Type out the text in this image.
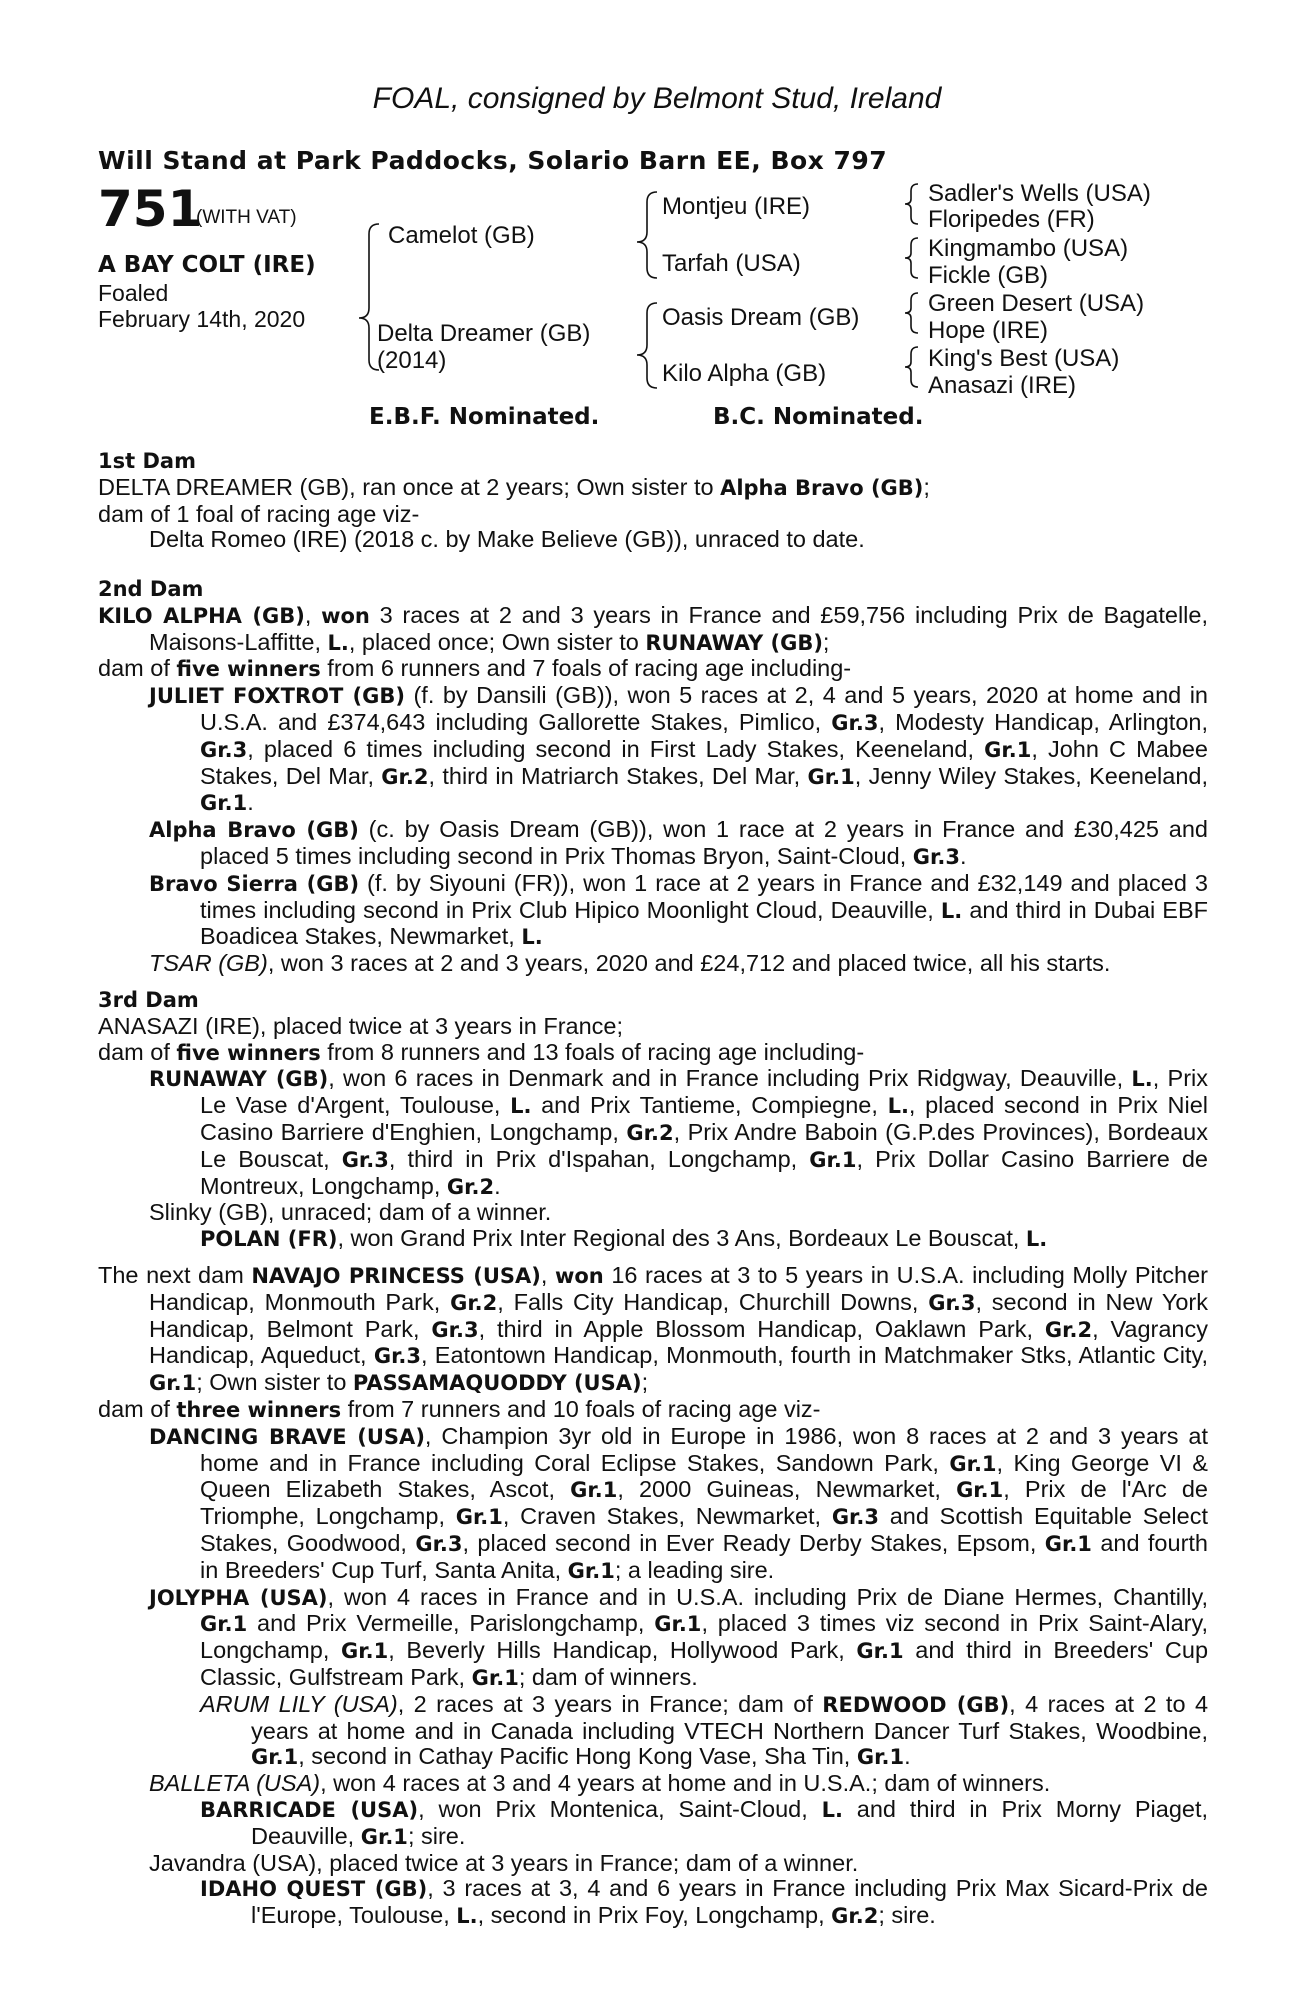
FOAL, consigned by Belmont Stud, Ireland
Will Stand at Park Paddocks, Solario Barn EE, Box 797
751
(WITH VAT)
A BAY COLT (IRE)
Foaled
February 14th, 2020
Camelot (GB)
Delta Dreamer (GB)
(2014)
Montjeu (IRE)
Tarfah (USA)
Oasis Dream (GB)
Kilo Alpha (GB)
Sadler's Wells (USA)
Floripedes (FR)
Kingmambo (USA)
Fickle (GB)
Green Desert (USA)
Hope (IRE)
King's Best (USA)
Anasazi (IRE)
E.B.F. Nominated.	B.C. Nominated.

1st Dam

DELTA DREAMER (GB), ran once at 2 years; Own sister to Alpha Bravo (GB);

dam of 1 foal of racing age viz-

Delta Romeo (IRE) (2018 c. by Make Believe (GB)), unraced to date.

2nd Dam

KILO ALPHA (GB), won 3 races at 2 and 3 years in France and £59,756 including Prix de Bagatelle, Maisons-Laffitte, L., placed once; Own sister to RUNAWAY (GB);

dam of five winners from 6 runners and 7 foals of racing age including-

JULIET FOXTROT (GB) (f. by Dansili (GB)), won 5 races at 2, 4 and 5 years, 2020 at home and in U.S.A. and £374,643 including Gallorette Stakes, Pimlico, Gr.3, Modesty Handicap, Arlington, Gr.3, placed 6 times including second in First Lady Stakes, Keeneland, Gr.1, John C Mabee Stakes, Del Mar, Gr.2, third in Matriarch Stakes, Del Mar, Gr.1, Jenny Wiley Stakes, Keeneland, Gr.1.

Alpha Bravo (GB) (c. by Oasis Dream (GB)), won 1 race at 2 years in France and £30,425 and placed 5 times including second in Prix Thomas Bryon, Saint-Cloud, Gr.3.

Bravo Sierra (GB) (f. by Siyouni (FR)), won 1 race at 2 years in France and £32,149 and placed 3 times including second in Prix Club Hipico Moonlight Cloud, Deauville, L. and third in Dubai EBF Boadicea Stakes, Newmarket, L.

TSAR (GB), won 3 races at 2 and 3 years, 2020 and £24,712 and placed twice, all his starts.

3rd Dam

ANASAZI (IRE), placed twice at 3 years in France;

dam of five winners from 8 runners and 13 foals of racing age including-

RUNAWAY (GB), won 6 races in Denmark and in France including Prix Ridgway, Deauville, L., Prix Le Vase d'Argent, Toulouse, L. and Prix Tantieme, Compiegne, L., placed second in Prix Niel Casino Barriere d'Enghien, Longchamp, Gr.2, Prix Andre Baboin (G.P.des Provinces), Bordeaux Le Bouscat, Gr.3, third in Prix d'Ispahan, Longchamp, Gr.1, Prix Dollar Casino Barriere de Montreux, Longchamp, Gr.2.

Slinky (GB), unraced; dam of a winner.

POLAN (FR), won Grand Prix Inter Regional des 3 Ans, Bordeaux Le Bouscat, L.

The next dam NAVAJO PRINCESS (USA), won 16 races at 3 to 5 years in U.S.A. including Molly Pitcher Handicap, Monmouth Park, Gr.2, Falls City Handicap, Churchill Downs, Gr.3, second in New York Handicap, Belmont Park, Gr.3, third in Apple Blossom Handicap, Oaklawn Park, Gr.2, Vagrancy Handicap, Aqueduct, Gr.3, Eatontown Handicap, Monmouth, fourth in Matchmaker Stks, Atlantic City, Gr.1; Own sister to PASSAMAQUODDY (USA);

dam of three winners from 7 runners and 10 foals of racing age viz-

DANCING BRAVE (USA), Champion 3yr old in Europe in 1986, won 8 races at 2 and 3 years at home and in France including Coral Eclipse Stakes, Sandown Park, Gr.1, King George VI & Queen Elizabeth Stakes, Ascot, Gr.1, 2000 Guineas, Newmarket, Gr.1, Prix de l'Arc de Triomphe, Longchamp, Gr.1, Craven Stakes, Newmarket, Gr.3 and Scottish Equitable Select Stakes, Goodwood, Gr.3, placed second in Ever Ready Derby Stakes, Epsom, Gr.1 and fourth in Breeders' Cup Turf, Santa Anita, Gr.1; a leading sire.

JOLYPHA (USA), won 4 races in France and in U.S.A. including Prix de Diane Hermes, Chantilly, Gr.1 and Prix Vermeille, Parislongchamp, Gr.1, placed 3 times viz second in Prix Saint-Alary, Longchamp, Gr.1, Beverly Hills Handicap, Hollywood Park, Gr.1 and third in Breeders' Cup Classic, Gulfstream Park, Gr.1; dam of winners.

ARUM LILY (USA), 2 races at 3 years in France; dam of REDWOOD (GB), 4 races at 2 to 4 years at home and in Canada including VTECH Northern Dancer Turf Stakes, Woodbine, Gr.1, second in Cathay Pacific Hong Kong Vase, Sha Tin, Gr.1.

BALLETA (USA), won 4 races at 3 and 4 years at home and in U.S.A.; dam of winners.

BARRICADE (USA), won Prix Montenica, Saint-Cloud, L. and third in Prix Morny Piaget, Deauville, Gr.1; sire.

Javandra (USA), placed twice at 3 years in France; dam of a winner.

IDAHO QUEST (GB), 3 races at 3, 4 and 6 years in France including Prix Max Sicard-Prix de l'Europe, Toulouse, L., second in Prix Foy, Longchamp, Gr.2; sire.
